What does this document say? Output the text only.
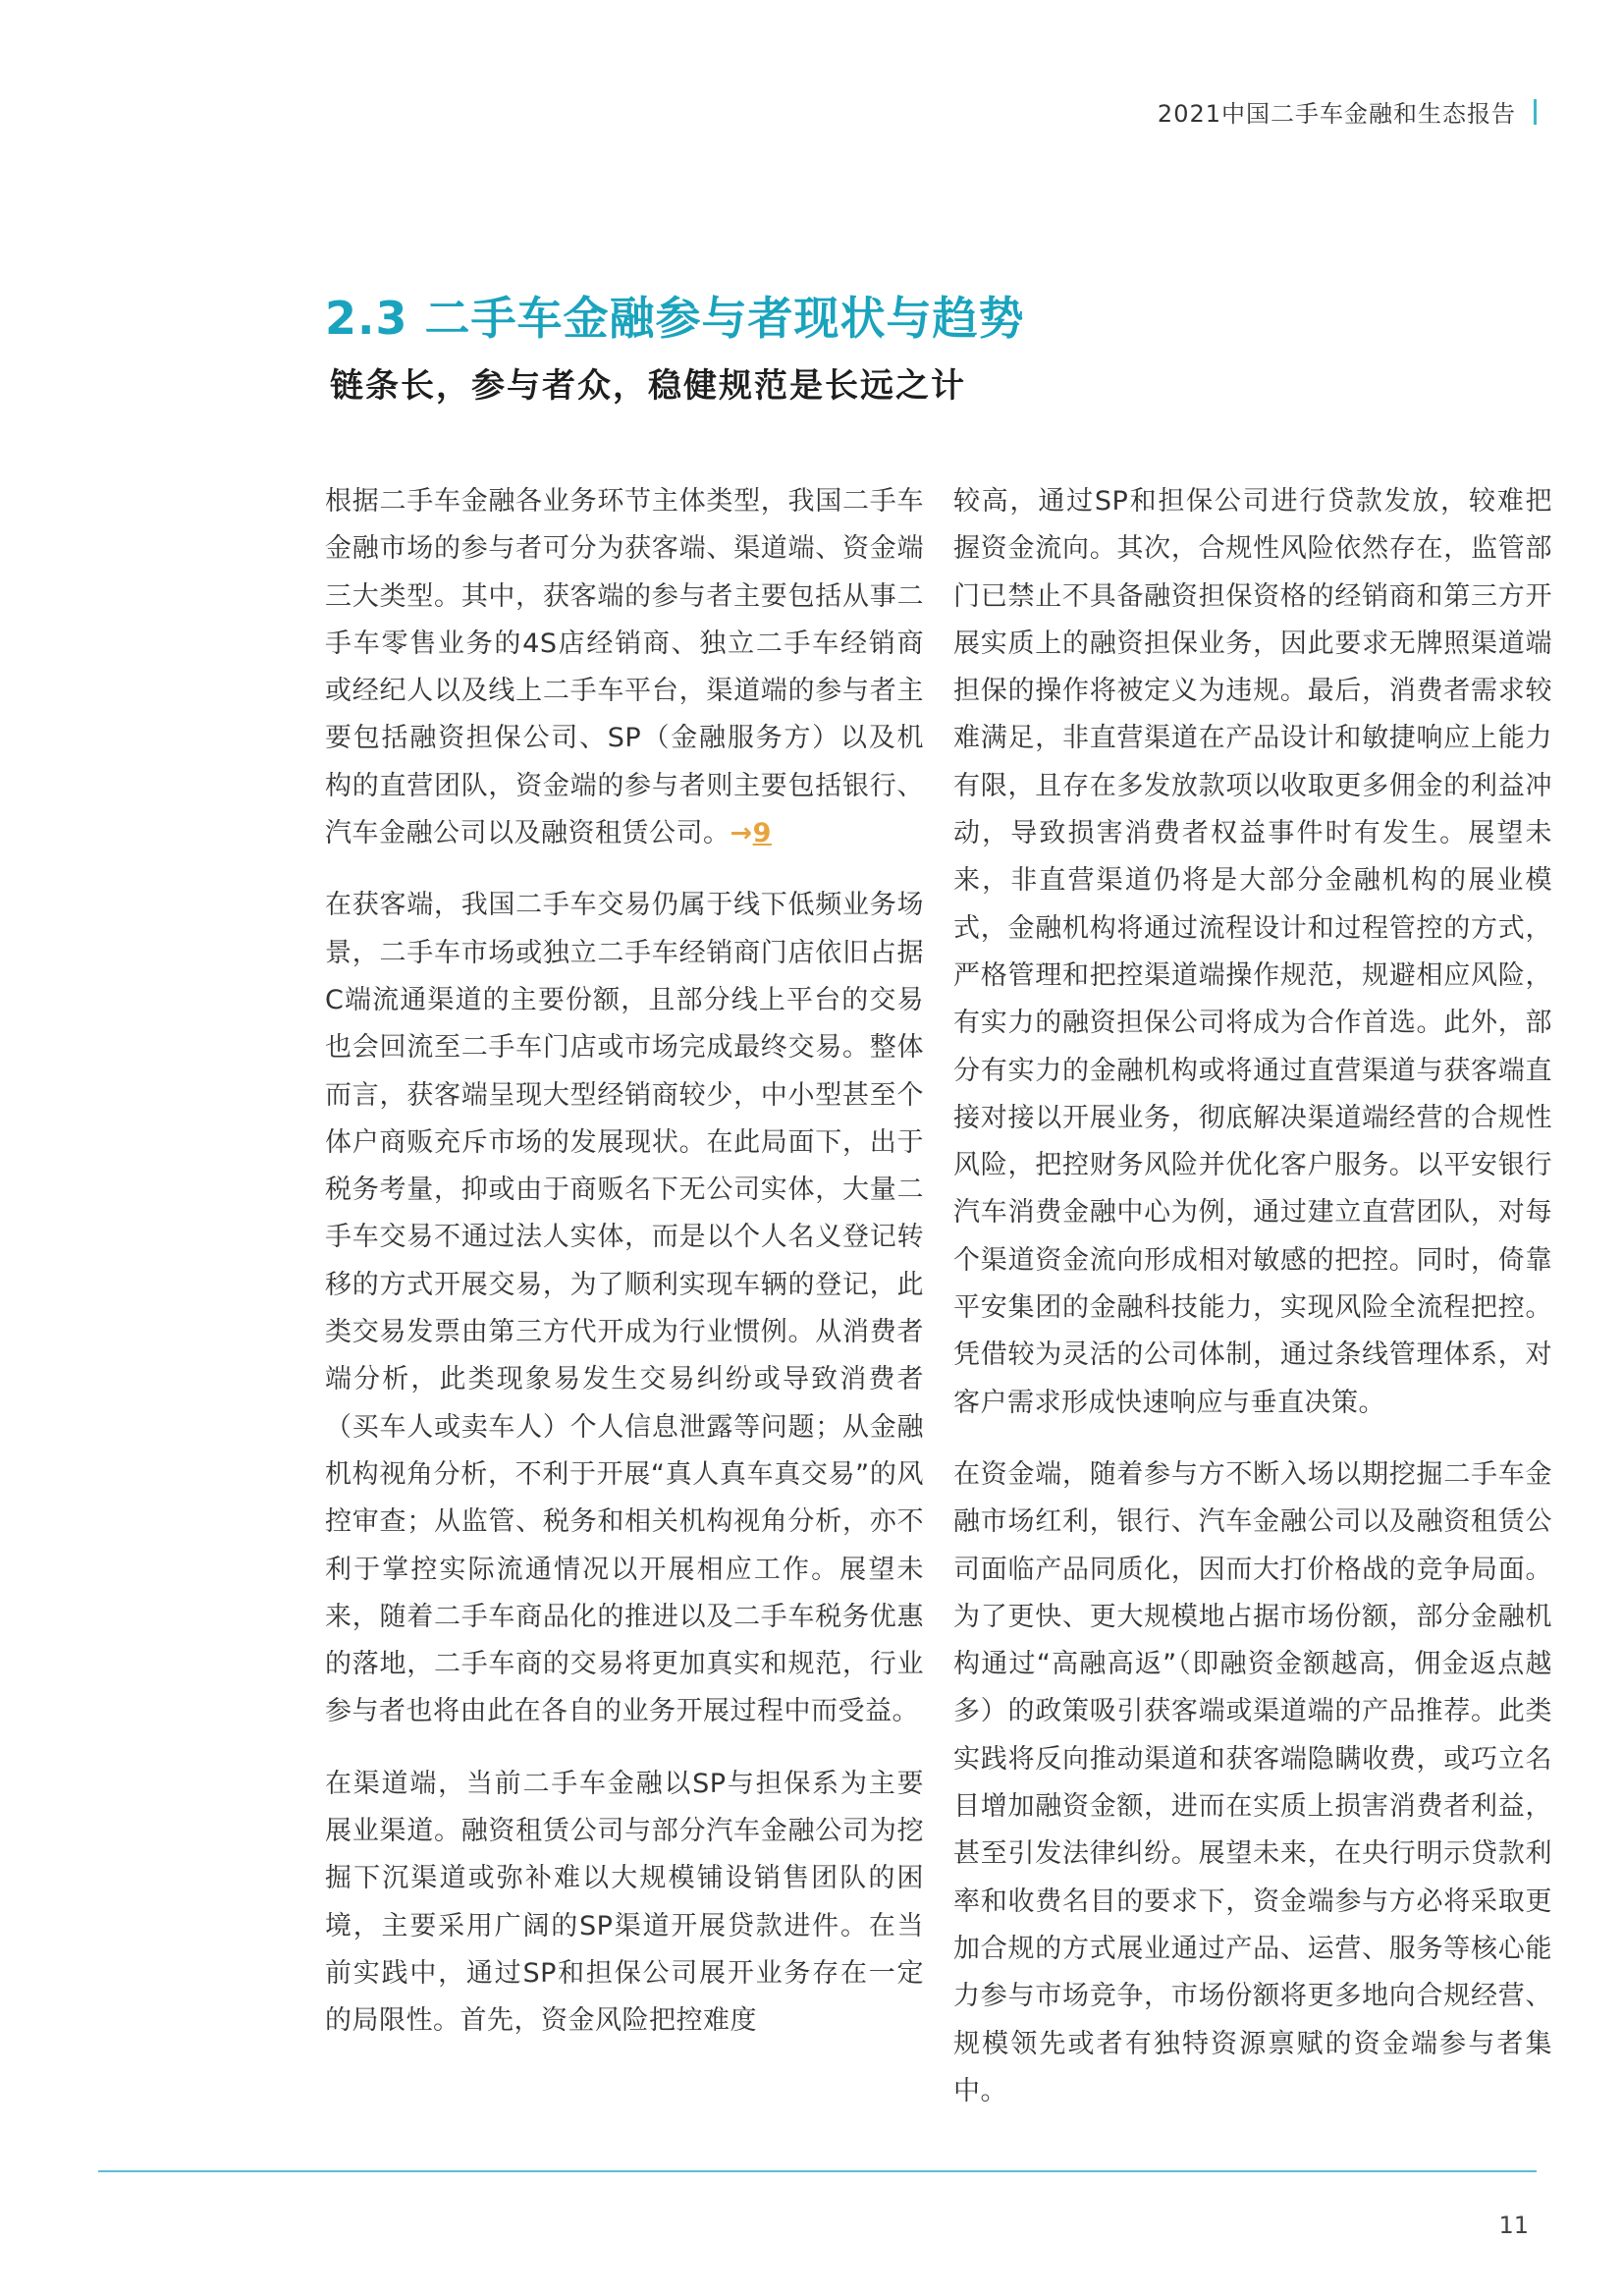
2021中国二手车金融和生态报告
2.3 二手车金融参与者现状与趋势
链条长，参与者众，稳健规范是长远之计

根据二手车金融各业务环节主体类型，我国二手车金融市场的参与者可分为获客端、渠道端、资金端三大类型。其中，获客端的参与者主要包括从事二手车零售业务的4S店经销商、独立二手车经销商或经纪人以及线上二手车平台，渠道端的参与者主要包括融资担保公司、SP（金融服务方）以及机构的直营团队，资金端的参与者则主要包括银行、汽车金融公司以及融资租赁公司。→9

在获客端，我国二手车交易仍属于线下低频业务场景，二手车市场或独立二手车经销商门店依旧占据C端流通渠道的主要份额，且部分线上平台的交易也会回流至二手车门店或市场完成最终交易。整体而言，获客端呈现大型经销商较少，中小型甚至个体户商贩充斥市场的发展现状。在此局面下，出于税务考量，抑或由于商贩名下无公司实体，大量二手车交易不通过法人实体，而是以个人名义登记转移的方式开展交易，为了顺利实现车辆的登记，此类交易发票由第三方代开成为行业惯例。从消费者端分析，此类现象易发生交易纠纷或导致消费者（买车人或卖车人）个人信息泄露等问题；从金融机构视角分析，不利于开展“真人真车真交易”的风控审查；从监管、税务和相关机构视角分析，亦不利于掌控实际流通情况以开展相应工作。展望未来，随着二手车商品化的推进以及二手车税务优惠的落地，二手车商的交易将更加真实和规范，行业参与者也将由此在各自的业务开展过程中而受益。

在渠道端，当前二手车金融以SP与担保系为主要展业渠道。融资租赁公司与部分汽车金融公司为挖掘下沉渠道或弥补难以大规模铺设销售团队的困境，主要采用广阔的SP渠道开展贷款进件。在当前实践中，通过SP和担保公司展开业务存在一定的局限性。首先，资金风险把控难度

较高，通过SP和担保公司进行贷款发放，较难把握资金流向。其次，合规性风险依然存在，监管部门已禁止不具备融资担保资格的经销商和第三方开展实质上的融资担保业务，因此要求无牌照渠道端担保的操作将被定义为违规。最后，消费者需求较难满足，非直营渠道在产品设计和敏捷响应上能力有限，且存在多发放款项以收取更多佣金的利益冲动，导致损害消费者权益事件时有发生。展望未来，非直营渠道仍将是大部分金融机构的展业模式，金融机构将通过流程设计和过程管控的方式，严格管理和把控渠道端操作规范，规避相应风险，有实力的融资担保公司将成为合作首选。此外，部分有实力的金融机构或将通过直营渠道与获客端直接对接以开展业务，彻底解决渠道端经营的合规性风险，把控财务风险并优化客户服务。以平安银行汽车消费金融中心为例，通过建立直营团队，对每个渠道资金流向形成相对敏感的把控。同时，倚靠平安集团的金融科技能力，实现风险全流程把控。凭借较为灵活的公司体制，通过条线管理体系，对客户需求形成快速响应与垂直决策。

在资金端，随着参与方不断入场以期挖掘二手车金融市场红利，银行、汽车金融公司以及融资租赁公司面临产品同质化，因而大打价格战的竞争局面。为了更快、更大规模地占据市场份额，部分金融机构通过“高融高返”（即融资金额越高，佣金返点越多）的政策吸引获客端或渠道端的产品推荐。此类实践将反向推动渠道和获客端隐瞒收费，或巧立名目增加融资金额，进而在实质上损害消费者利益，甚至引发法律纠纷。展望未来，在央行明示贷款利率和收费名目的要求下，资金端参与方必将采取更加合规的方式展业通过产品、运营、服务等核心能力参与市场竞争，市场份额将更多地向合规经营、规模领先或者有独特资源禀赋的资金端参与者集中。

11
